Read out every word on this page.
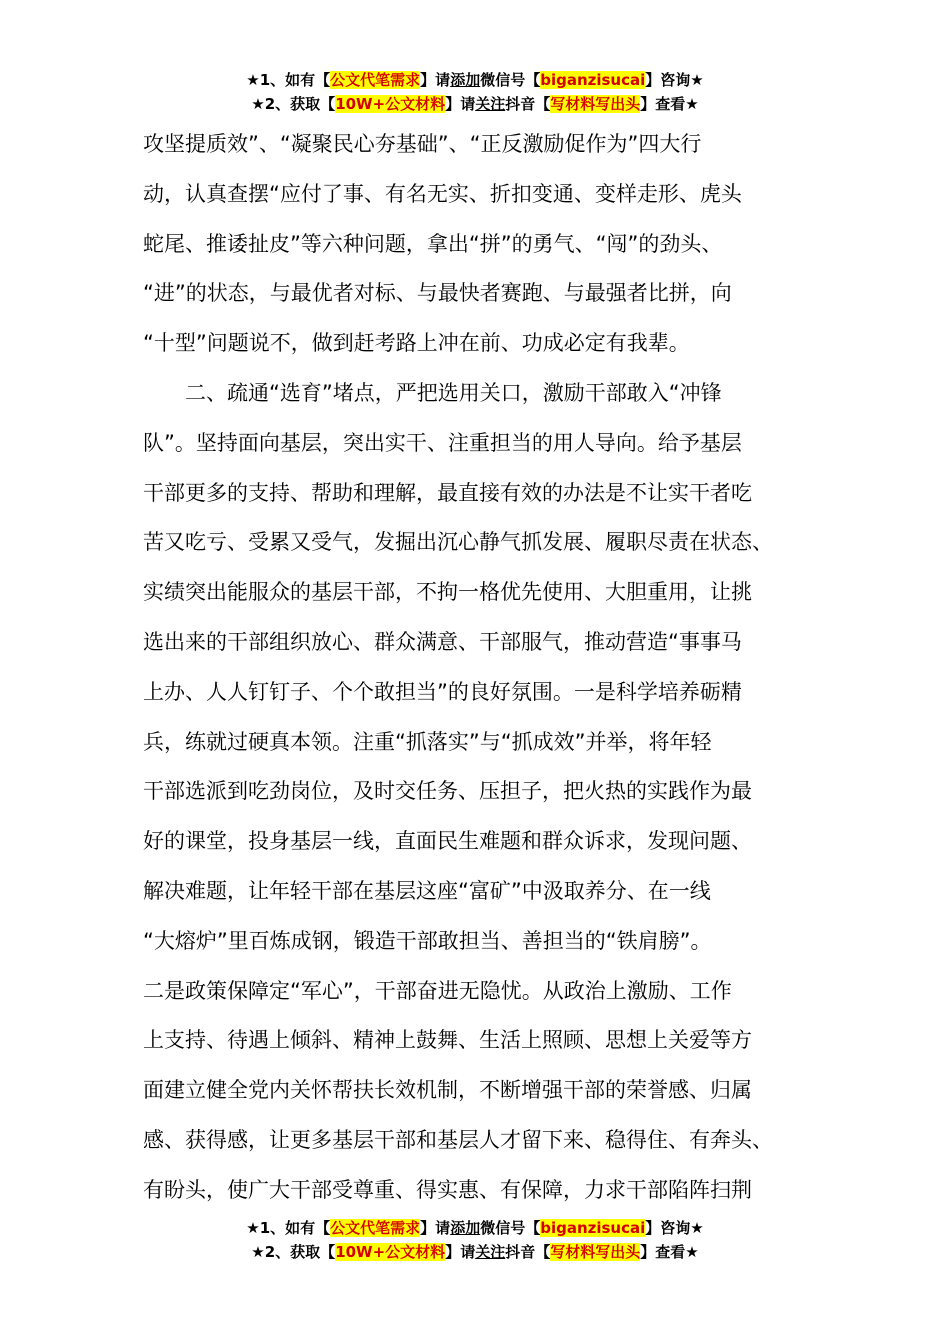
★1、如有【公文代笔需求】请添加微信号【biganzisucai】咨询★
★2、获取【10W+公文材料】请关注抖音【写材料写出头】查看★
攻坚提质效”、“凝聚民心夯基础”、“正反激励促作为”四大行
动，认真查摆“应付了事、有名无实、折扣变通、变样走形、虎头
蛇尾、推诿扯皮”等六种问题，拿出“拼”的勇气、“闯”的劲头、
“进”的状态，与最优者对标、与最快者赛跑、与最强者比拼，向
“十型”问题说不，做到赶考路上冲在前、功成必定有我辈。
二、疏通“选育”堵点，严把选用关口，激励干部敢入“冲锋
队”。坚持面向基层，突出实干、注重担当的用人导向。给予基层
干部更多的支持、帮助和理解，最直接有效的办法是不让实干者吃
苦又吃亏、受累又受气，发掘出沉心静气抓发展、履职尽责在状态、
实绩突出能服众的基层干部，不拘一格优先使用、大胆重用，让挑
选出来的干部组织放心、群众满意、干部服气，推动营造“事事马
上办、人人钉钉子、个个敢担当”的良好氛围。一是科学培养砺精
兵，练就过硬真本领。注重“抓落实”与“抓成效”并举，将年轻
干部选派到吃劲岗位，及时交任务、压担子，把火热的实践作为最
好的课堂，投身基层一线，直面民生难题和群众诉求，发现问题、
解决难题，让年轻干部在基层这座“富矿”中汲取养分、在一线
“大熔炉”里百炼成钢，锻造干部敢担当、善担当的“铁肩膀”。
二是政策保障定“军心”，干部奋进无隐忧。从政治上激励、工作
上支持、待遇上倾斜、精神上鼓舞、生活上照顾、思想上关爱等方
面建立健全党内关怀帮扶长效机制，不断增强干部的荣誉感、归属
感、获得感，让更多基层干部和基层人才留下来、稳得住、有奔头、
有盼头，使广大干部受尊重、得实惠、有保障，力求干部陷阵扫荆
★1、如有【公文代笔需求】请添加微信号【biganzisucai】咨询★
★2、获取【10W+公文材料】请关注抖音【写材料写出头】查看★
